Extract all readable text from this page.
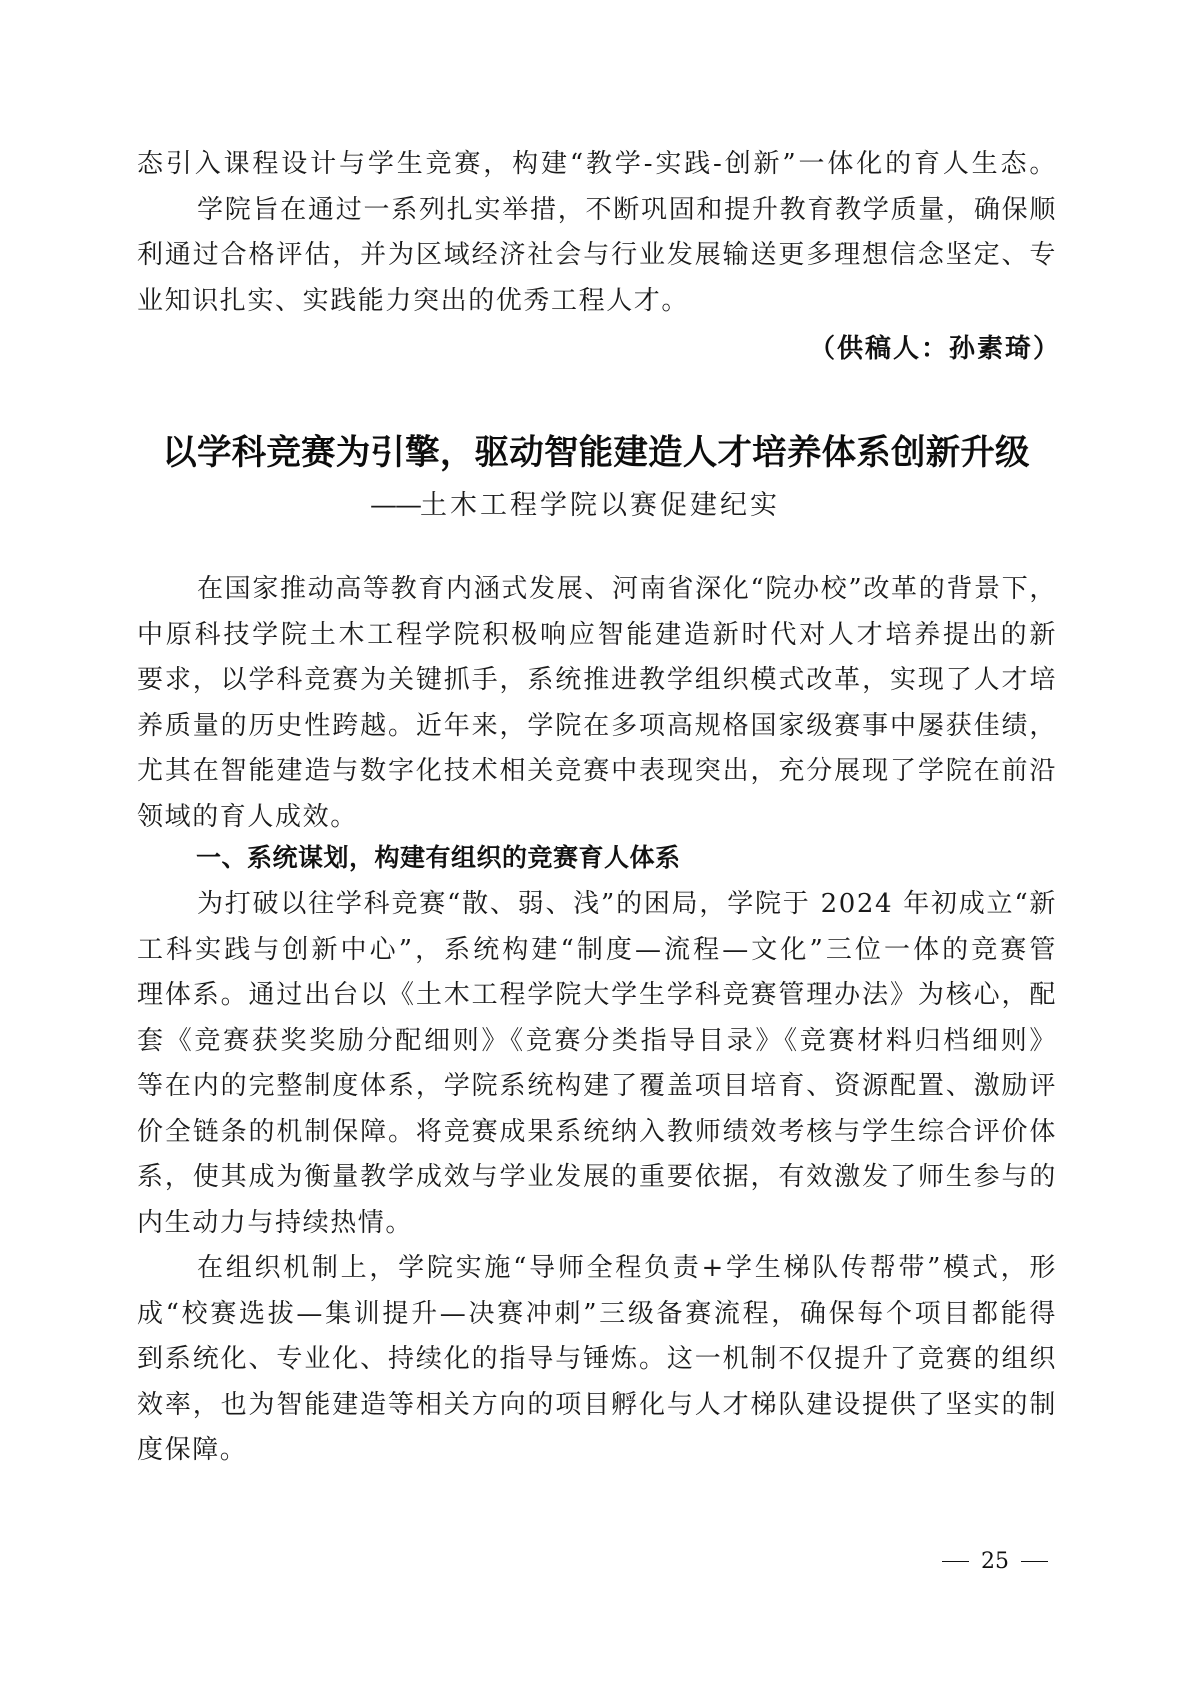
态引入课程设计与学生竞赛，构建“教学-实践-创新”一体化的育人生态。
学院旨在通过一系列扎实举措，不断巩固和提升教育教学质量，确保顺
利通过合格评估，并为区域经济社会与行业发展输送更多理想信念坚定、专
业知识扎实、实践能力突出的优秀工程人才。
（供稿人：孙素琦）
以学科竞赛为引擎，驱动智能建造人才培养体系创新升级
——土木工程学院以赛促建纪实
在国家推动高等教育内涵式发展、河南省深化“院办校”改革的背景下，
中原科技学院土木工程学院积极响应智能建造新时代对人才培养提出的新
要求，以学科竞赛为关键抓手，系统推进教学组织模式改革，实现了人才培
养质量的历史性跨越。近年来，学院在多项高规格国家级赛事中屡获佳绩，
尤其在智能建造与数字化技术相关竞赛中表现突出，充分展现了学院在前沿
领域的育人成效。
一、系统谋划，构建有组织的竞赛育人体系
为打破以往学科竞赛“散、弱、浅”的困局，学院于 2024 年初成立“新
工科实践与创新中心”，系统构建“制度—流程—文化”三位一体的竞赛管
理体系。通过出台以《土木工程学院大学生学科竞赛管理办法》为核心，配
套《竞赛获奖奖励分配细则》《竞赛分类指导目录》《竞赛材料归档细则》
等在内的完整制度体系，学院系统构建了覆盖项目培育、资源配置、激励评
价全链条的机制保障。将竞赛成果系统纳入教师绩效考核与学生综合评价体
系，使其成为衡量教学成效与学业发展的重要依据，有效激发了师生参与的
内生动力与持续热情。
在组织机制上，学院实施“导师全程负责+学生梯队传帮带”模式，形
成“校赛选拔—集训提升—决赛冲刺”三级备赛流程，确保每个项目都能得
到系统化、专业化、持续化的指导与锤炼。这一机制不仅提升了竞赛的组织
效率，也为智能建造等相关方向的项目孵化与人才梯队建设提供了坚实的制
度保障。
25
